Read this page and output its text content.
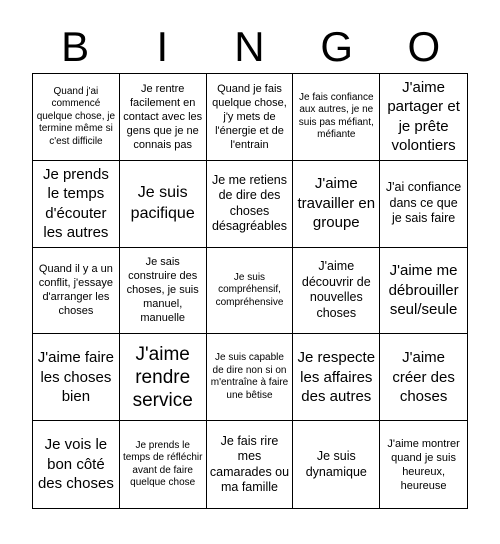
B	I	N	G	O
Quand j'ai commencé quelque chose, je termine même si c'est difficile
Je rentre facilement en contact avec les gens que je ne connais pas
Quand je fais quelque chose, j'y mets de l'énergie et de l'entrain
Je fais confiance aux autres, je ne suis pas méfiant, méfiante
J'aime partager et je prête volontiers
Je prends le temps d'écouter les autres
Je suis pacifique
Je me retiens de dire des choses désagréables
J'aime travailler en groupe
J'ai confiance dans ce que je sais faire
Quand il y a un conflit, j'essaye d'arranger les choses
Je sais construire des choses, je suis manuel, manuelle
Je suis compréhensif, compréhensive
J'aime découvrir de nouvelles choses
J'aime me débrouiller seul/seule
J'aime faire les choses bien
J'aime rendre service
Je suis capable de dire non si on m'entraîne à faire une bêtise
Je respecte les affaires des autres
J'aime créer des choses
Je vois le bon côté des choses
Je prends le temps de réfléchir avant de faire quelque chose
Je fais rire mes camarades ou ma famille
Je suis dynamique
J'aime montrer quand je suis heureux, heureuse
